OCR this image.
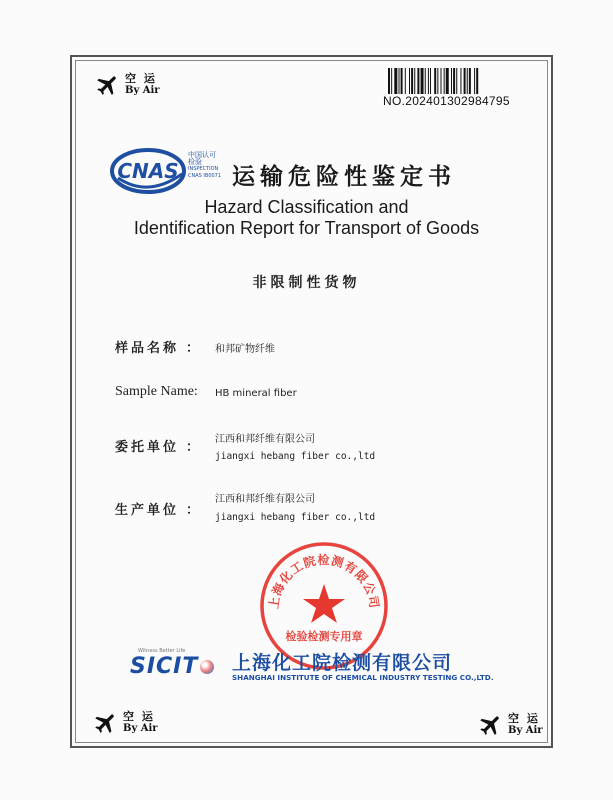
空 运
By Air
NO.202401302984795
CNAS
中国认可
检验
INSPECTION
CNAS IB0071 运输危险性鉴定书
Hazard Classification and
Identification Report for Transport of Goods
非限制性货物
样品名称 ： 和邦矿物纤维
Sample Name: HB mineral fiber
委托单位 ：
江西和邦纤维有限公司
jiangxi hebang fiber co.,ltd
生产单位 ：
江西和邦纤维有限公司
jiangxi hebang fiber co.,ltd
上海化工院检测有限公司
检验检测专用章
Witness Better Life
SICIT 上海化工院检测有限公司
SHANGHAI INSTITUTE OF CHEMICAL INDUSTRY TESTING CO.,LTD.
空 运
By Air
空 运
By Air
